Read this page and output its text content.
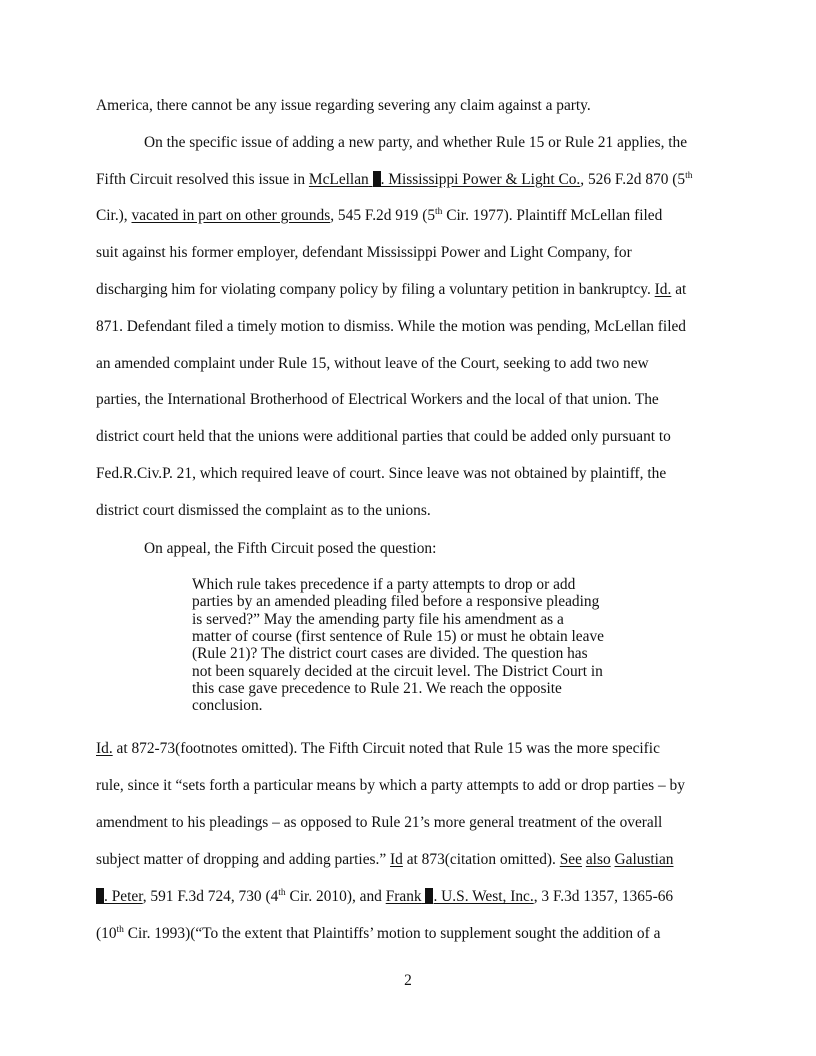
America, there cannot be any issue regarding severing any claim against a party.
On the specific issue of adding a new party, and whether Rule 15 or Rule 21 applies, the
Fifth Circuit resolved this issue in McLellan . Mississippi Power & Light Co., 526 F.2d 870 (5th
Cir.), vacated in part on other grounds, 545 F.2d 919 (5th Cir. 1977). Plaintiff McLellan filed
suit against his former employer, defendant Mississippi Power and Light Company, for
discharging him for violating company policy by filing a voluntary petition in bankruptcy. Id. at
871. Defendant filed a timely motion to dismiss. While the motion was pending, McLellan filed
an amended complaint under Rule 15, without leave of the Court, seeking to add two new
parties, the International Brotherhood of Electrical Workers and the local of that union. The
district court held that the unions were additional parties that could be added only pursuant to
Fed.R.Civ.P. 21, which required leave of court. Since leave was not obtained by plaintiff, the
district court dismissed the complaint as to the unions.
On appeal, the Fifth Circuit posed the question:
Which rule takes precedence if a party attempts to drop or add
parties by an amended pleading filed before a responsive pleading
is served?” May the amending party file his amendment as a
matter of course (first sentence of Rule 15) or must he obtain leave
(Rule 21)? The district court cases are divided. The question has
not been squarely decided at the circuit level. The District Court in
this case gave precedence to Rule 21. We reach the opposite
conclusion.
Id. at 872-73(footnotes omitted). The Fifth Circuit noted that Rule 15 was the more specific
rule, since it “sets forth a particular means by which a party attempts to add or drop parties – by
amendment to his pleadings – as opposed to Rule 21’s more general treatment of the overall
subject matter of dropping and adding parties.” Id at 873(citation omitted). See also Galustian
. Peter, 591 F.3d 724, 730 (4th Cir. 2010), and Frank . U.S. West, Inc., 3 F.3d 1357, 1365-66
(10th Cir. 1993)(“To the extent that Plaintiffs’ motion to supplement sought the addition of a
2
